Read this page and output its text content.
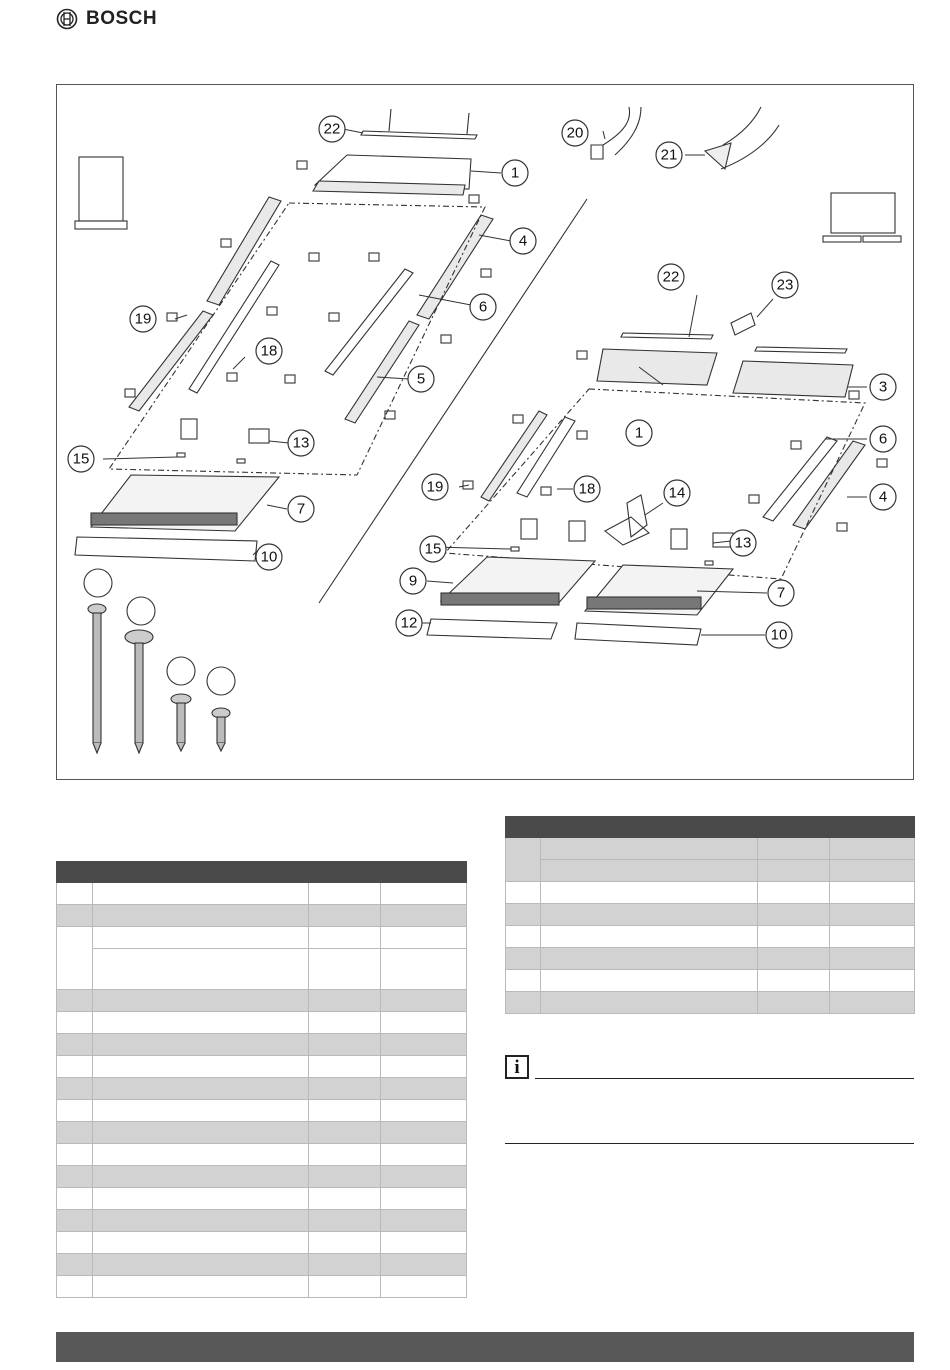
BOSCH
22
1
4
6
5
18
19
15
13
7
10
20
21
22	23
3
1	6
4
19	18	14
15	13
9
7
12
10

i
